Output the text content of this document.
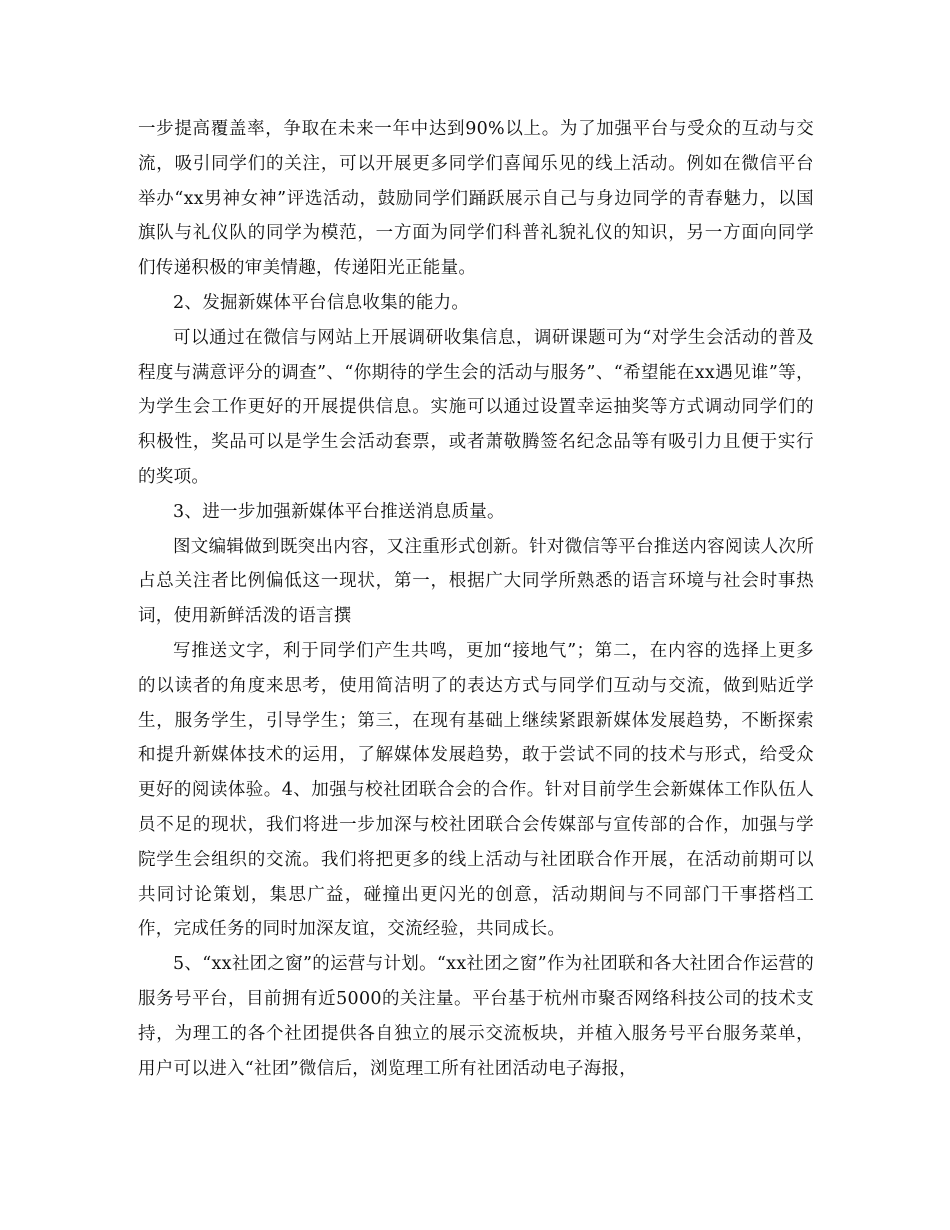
一步提高覆盖率，争取在未来一年中达到90%以上。为了加强平台与受众的互动与交流，吸引同学们的关注，可以开展更多同学们喜闻乐见的线上活动。例如在微信平台举办“xx男神女神”评选活动，鼓励同学们踊跃展示自己与身边同学的青春魅力，以国旗队与礼仪队的同学为模范，一方面为同学们科普礼貌礼仪的知识，另一方面向同学们传递积极的审美情趣，传递阳光正能量。

2、发掘新媒体平台信息收集的能力。

可以通过在微信与网站上开展调研收集信息，调研课题可为“对学生会活动的普及程度与满意评分的调查”、“你期待的学生会的活动与服务”、“希望能在xx遇见谁”等，为学生会工作更好的开展提供信息。实施可以通过设置幸运抽奖等方式调动同学们的积极性，奖品可以是学生会活动套票，或者萧敬腾签名纪念品等有吸引力且便于实行的奖项。

3、进一步加强新媒体平台推送消息质量。

图文编辑做到既突出内容，又注重形式创新。针对微信等平台推送内容阅读人次所占总关注者比例偏低这一现状，第一，根据广大同学所熟悉的语言环境与社会时事热词，使用新鲜活泼的语言撰

写推送文字，利于同学们产生共鸣，更加“接地气”；第二，在内容的选择上更多的以读者的角度来思考，使用简洁明了的表达方式与同学们互动与交流，做到贴近学生，服务学生，引导学生；第三，在现有基础上继续紧跟新媒体发展趋势，不断探索和提升新媒体技术的运用，了解媒体发展趋势，敢于尝试不同的技术与形式，给受众更好的阅读体验。4、加强与校社团联合会的合作。针对目前学生会新媒体工作队伍人员不足的现状，我们将进一步加深与校社团联合会传媒部与宣传部的合作，加强与学院学生会组织的交流。我们将把更多的线上活动与社团联合作开展，在活动前期可以共同讨论策划，集思广益，碰撞出更闪光的创意，活动期间与不同部门干事搭档工作，完成任务的同时加深友谊，交流经验，共同成长。

5、“xx社团之窗”的运营与计划。“xx社团之窗”作为社团联和各大社团合作运营的服务号平台，目前拥有近5000的关注量。平台基于杭州市聚否网络科技公司的技术支持，为理工的各个社团提供各自独立的展示交流板块，并植入服务号平台服务菜单，用户可以进入“社团”微信后，浏览理工所有社团活动电子海报，
